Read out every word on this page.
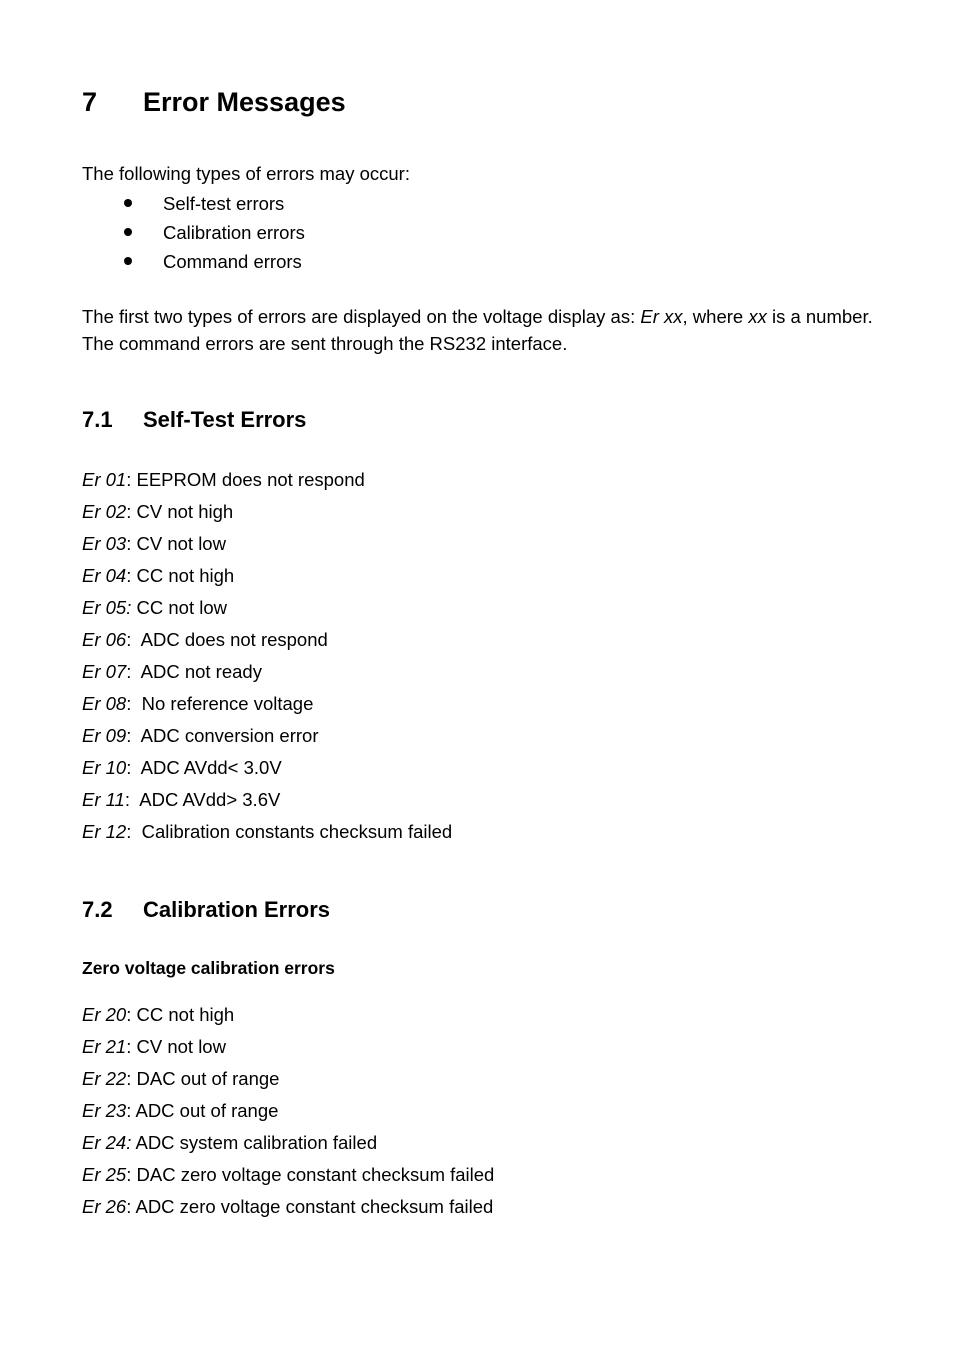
7 Error Messages
The following types of errors may occur:
Self-test errors
Calibration errors
Command errors
The first two types of errors are displayed on the voltage display as: Er xx, where xx is a number. The command errors are sent through the RS232 interface.
7.1 Self-Test Errors
Er 01: EEPROM does not respond
Er 02: CV not high
Er 03: CV not low
Er 04: CC not high
Er 05: CC not low
Er 06:  ADC does not respond
Er 07:  ADC not ready
Er 08:  No reference voltage
Er 09:  ADC conversion error
Er 10:  ADC AVdd< 3.0V
Er 11:  ADC AVdd> 3.6V
Er 12:  Calibration constants checksum failed
7.2 Calibration Errors
Zero voltage calibration errors
Er 20: CC not high
Er 21: CV not low
Er 22: DAC out of range
Er 23: ADC out of range
Er 24: ADC system calibration failed
Er 25: DAC zero voltage constant checksum failed
Er 26: ADC zero voltage constant checksum failed
